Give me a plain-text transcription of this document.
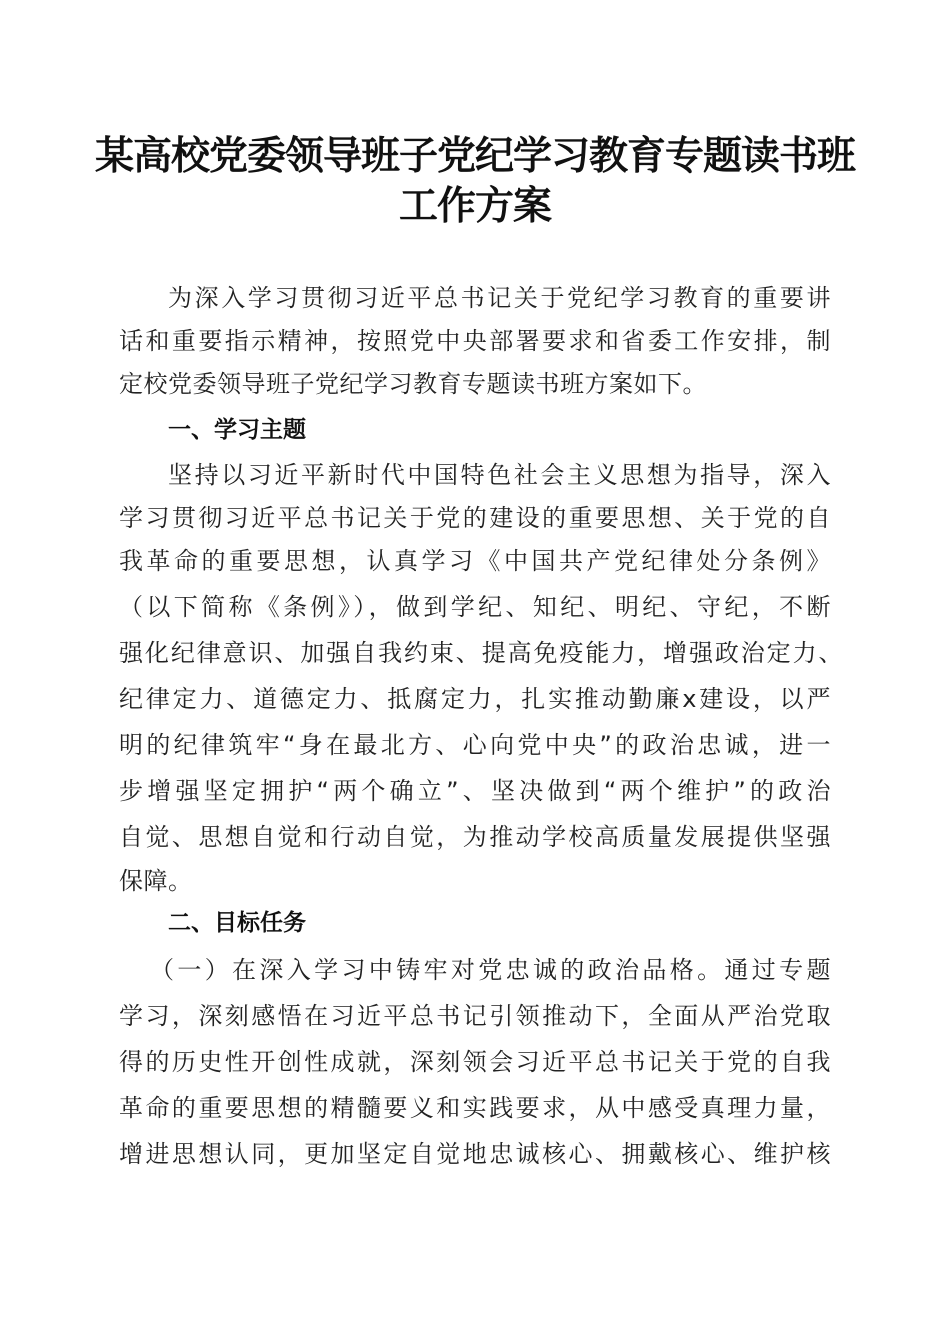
某高校党委领导班子党纪学习教育专题读书班
工作方案
为深入学习贯彻习近平总书记关于党纪学习教育的重要讲
话和重要指示精神，按照党中央部署要求和省委工作安排，制
定校党委领导班子党纪学习教育专题读书班方案如下。
一、学习主题
坚持以习近平新时代中国特色社会主义思想为指导，深入
学习贯彻习近平总书记关于党的建设的重要思想、关于党的自
我革命的重要思想，认真学习《中国共产党纪律处分条例》
（以下简称《条例》），做到学纪、知纪、明纪、守纪，不断
强化纪律意识、加强自我约束、提高免疫能力，增强政治定力、
纪律定力、道德定力、抵腐定力，扎实推动勤廉x建设，以严
明的纪律筑牢“身在最北方、心向党中央”的政治忠诚，进一
步增强坚定拥护“两个确立”、坚决做到“两个维护”的政治
自觉、思想自觉和行动自觉，为推动学校高质量发展提供坚强
保障。
二、目标任务
（一）在深入学习中铸牢对党忠诚的政治品格。通过专题
学习，深刻感悟在习近平总书记引领推动下，全面从严治党取
得的历史性开创性成就，深刻领会习近平总书记关于党的自我
革命的重要思想的精髓要义和实践要求，从中感受真理力量，
增进思想认同，更加坚定自觉地忠诚核心、拥戴核心、维护核
